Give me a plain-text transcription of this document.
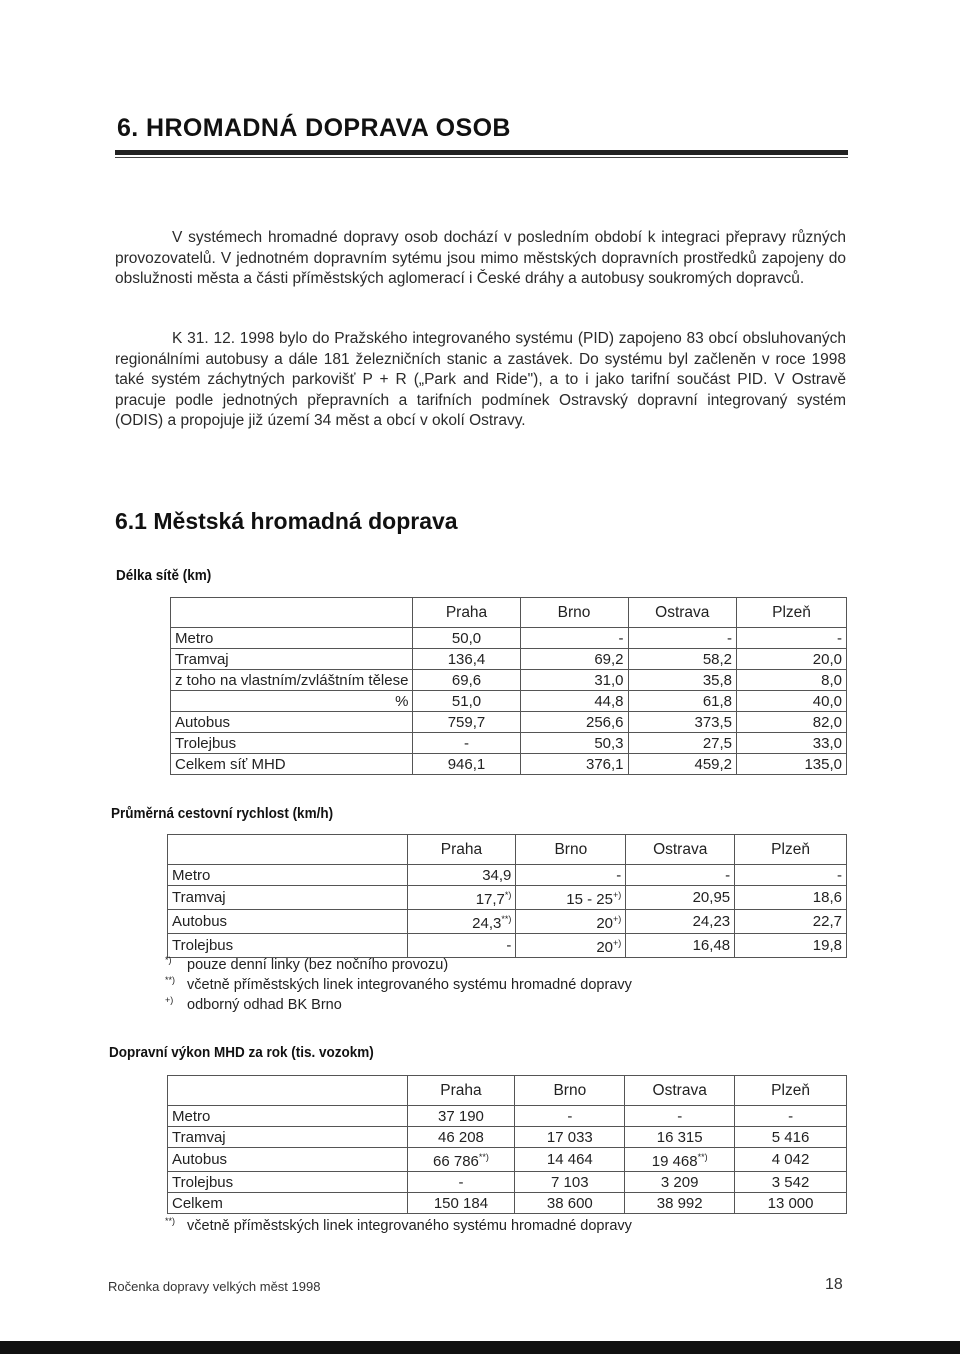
6. HROMADNÁ DOPRAVA OSOB

V systémech hromadné dopravy osob dochází v posledním období k integraci přepravy různých provozovatelů. V jednotném dopravním sytému jsou mimo městských dopravních prostředků zapojeny do obslužnosti města a části příměstských aglomerací i České dráhy a autobusy soukromých dopravců.

K 31. 12. 1998 bylo do Pražského integrovaného systému (PID) zapojeno 83 obcí obsluhovaných regionálními autobusy a dále 181 železničních stanic a zastávek. Do systému byl začleněn v roce 1998 také systém záchytných parkovišť P + R („Park and Ride"), a to i jako tarifní součást PID. V Ostravě pracuje podle jednotných přepravních a tarifních podmínek Ostravský dopravní integrovaný systém (ODIS) a propojuje již území 34 měst a obcí v okolí Ostravy.

6.1 Městská hromadná doprava
Délka sítě (km)
	Praha	Brno	Ostrava	Plzeň
Metro	50,0	-	-	-
Tramvaj	136,4	69,2	58,2	20,0
z toho na vlastním/zvláštním tělese	69,6	31,0	35,8	8,0
%	51,0	44,8	61,8	40,0
Autobus	759,7	256,6	373,5	82,0
Trolejbus	-	50,3	27,5	33,0
Celkem síť MHD	946,1	376,1	459,2	135,0
Průměrná cestovní rychlost (km/h)
	Praha	Brno	Ostrava	Plzeň
Metro	34,9	-	-	-
Tramvaj	17,7*)	15 - 25+)	20,95	18,6
Autobus	24,3**)	20+)	24,23	22,7
Trolejbus	-	20+)	16,48	19,8
*) pouze denní linky (bez nočního provozu)
**) včetně příměstských linek integrovaného systému hromadné dopravy
+) odborný odhad BK Brno
Dopravní výkon MHD za rok (tis. vozokm)
	Praha	Brno	Ostrava	Plzeň
Metro	37 190	-	-	-
Tramvaj	46 208	17 033	16 315	5 416
Autobus	66 786**)	14 464	19 468**)	4 042
Trolejbus	-	7 103	3 209	3 542
Celkem	150 184	38 600	38 992	13 000
**) včetně příměstských linek integrovaného systému hromadné dopravy
Ročenka dopravy velkých měst 1998	18
